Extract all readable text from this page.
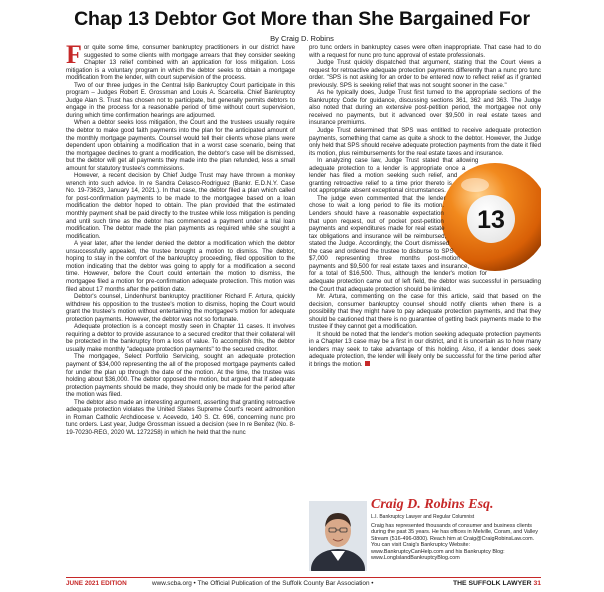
Chap 13 Debtor Got More than She Bargained For
By Craig D. Robins

For quite some time, consumer bankruptcy practitioners in our district have suggested to some clients with mortgage arrears that they consider seeking Chapter 13 relief combined with an application for loss mitigation. Loss mitigation is a voluntary program in which the debtor seeks to obtain a mortgage modification from the lender, with court supervision of the process.

Two of our three judges in the Central Islip Bankruptcy Court participate in this program – Judges Robert E. Grossman and Louis A. Scarcella. Chief Bankruptcy Judge Alan S. Trust has chosen not to participate, but generally permits debtors to engage in the process for a reasonable period of time without court supervision, during which time confirmation hearings are adjourned.

When a debtor seeks loss mitigation, the Court and the trustees usually require the debtor to make good faith payments into the plan for the anticipated amount of the monthly mortgage payments. Counsel would tell their clients whose plans were dependent upon obtaining a modification that in a worst case scenario, being that the mortgagee declines to grant a modification, the debtor's case will be dismissed, but the debtor will get all payments they made into the plan refunded, less a small amount for statutory trustee's commissions.

However, a recent decision by Chief Judge Trust may have thrown a monkey wrench into such advice. In re Sandra Celasco-Rodriguez (Bankr. E.D.N.Y. Case No. 19-73623, January 14, 2021.). In that case, the debtor filed a plan which called for post-confirmation payments to be made to the mortgagee based on a loan modification the debtor hoped to obtain. The plan provided that the estimated monthly payment shall be paid directly to the trustee while loss mitigation is pending and until such time as the debtor has commenced a payment under a trial loan modification. The debtor made the plan payments as required while she sought a modification.

A year later, after the lender denied the debtor a modification which the debtor unsuccessfully appealed, the trustee brought a motion to dismiss. The debtor, hoping to stay in the comfort of the bankruptcy proceeding, filed opposition to the motion indicating that the debtor was going to apply for a modification a second time. However, before the Court could entertain the motion to dismiss, the mortgagee filed a motion for pre-confirmation adequate protection. This motion was filed about 17 months after the petition date.

Debtor's counsel, Lindenhurst bankruptcy practitioner Richard F. Artura, quickly withdrew his opposition to the trustee's motion to dismiss, hoping the Court would grant the trustee's motion without entertaining the mortgagee's motion for adequate protection payments. However, the debtor was not so fortunate.

Adequate protection is a concept mostly seen in Chapter 11 cases. It involves requiring a debtor to provide assurance to a secured creditor that their collateral will be protected in the bankruptcy from a loss of value. To accomplish this, the debtor usually make monthly "adequate protection payments" to the secured creditor.

The mortgagee, Select Portfolio Servicing, sought an adequate protection payment of $34,000 representing the all of the proposed mortgage payments called for under the plan up through the date of the motion. At the time, the trustee was holding about $36,000. The debtor opposed the motion, but argued that if adequate protection payments should be made, they should only be made for the period after the motion was filed.

The debtor also made an interesting argument, asserting that granting retroactive adequate protection violates the United States Supreme Court's recent admonition in Roman Catholic Archdiocese v. Acevedo, 140 S. Ct. 696, concerning nunc pro tunc orders. Last year, Judge Grossman issued a decision (see In re Benitez (No. 8-19-70230-REG, 2020 WL 1272258) in which he held that the nunc

pro tunc orders in bankruptcy cases were often inappropriate. That case had to do with a request for nunc pro tunc approval of estate professionals.

Judge Trust quickly dispatched that argument, stating that the Court views a request for retroactive adequate protection payments differently than a nunc pro tunc order. "SPS is not asking for an order to be entered now to reflect relief as if granted previously. SPS is seeking relief that was not sought sooner in the case."

As he typically does, Judge Trust first turned to the appropriate sections of the Bankruptcy Code for guidance, discussing sections 361, 362 and 363. The Judge also noted that during an extensive post-petition period, the mortgagee not only received no payments, but it advanced over $9,500 in real estate taxes and insurance premiums.

Judge Trust determined that SPS was entitled to receive adequate protection payments, something that came as quite a shock to the debtor. However, the Judge only held that SPS should receive adequate protection payments from the date it filed its motion, plus reimbursements for the real estate taxes and insurance.

13

In analyzing case law, Judge Trust stated that allowing adequate protection to a lender is appropriate once a lender has filed a motion seeking such relief, and granting retroactive relief to a time prior thereto is not appropriate absent exceptional circumstances.

The judge even commented that the lender chose to wait a long period to file its motion. Lenders should have a reasonable expectation that upon request, out of pocket post-petition payments and expenditures made for real estate tax obligations and insurance will be reimbursed, stated the Judge. Accordingly, the Court dismissed the case and ordered the trustee to disburse to SPS $7,000 representing three months post-motion payments and $9,500 for real estate taxes and insurance, for a total of $16,500. Thus, although the lender's motion for adequate protection came out of left field, the debtor was successful in persuading the Court that adequate protection should be limited.

Mr. Artura, commenting on the case for this article, said that based on the decision, consumer bankruptcy counsel should notify clients when there is a possibility that they might have to pay adequate protection payments, and that they should be cautioned that there is no guarantee of getting back payments made to the trustee if they cannot get a modification.

It should be noted that the lender's motion seeking adequate protection payments in a Chapter 13 case may be a first in our district, and it is uncertain as to how many lenders may seek to take advantage of this holding. Also, if a lender does seek adequate protection, the lender will likely only be successful for the time period after it brings the motion.

Craig D. Robins Esq.
L.I. Bankruptcy Lawyer and Regular Columnist
Craig has represented thousands of consumer and business clients during the past 35 years. He has offices in Melville, Coram, and Valley Stream (516-496-0800). Reach him at Craig@CraigRobinsLaw.com. You can visit Craig's Bankruptcy Website: www.BankruptcyCanHelp.com and his Bankruptcy Blog: www.LongIslandBankruptcyBlog.com
JUNE 2021 EDITION	www.scba.org • The Official Publication of the Suffolk County Bar Association •	THE SUFFOLK LAWYER 31
